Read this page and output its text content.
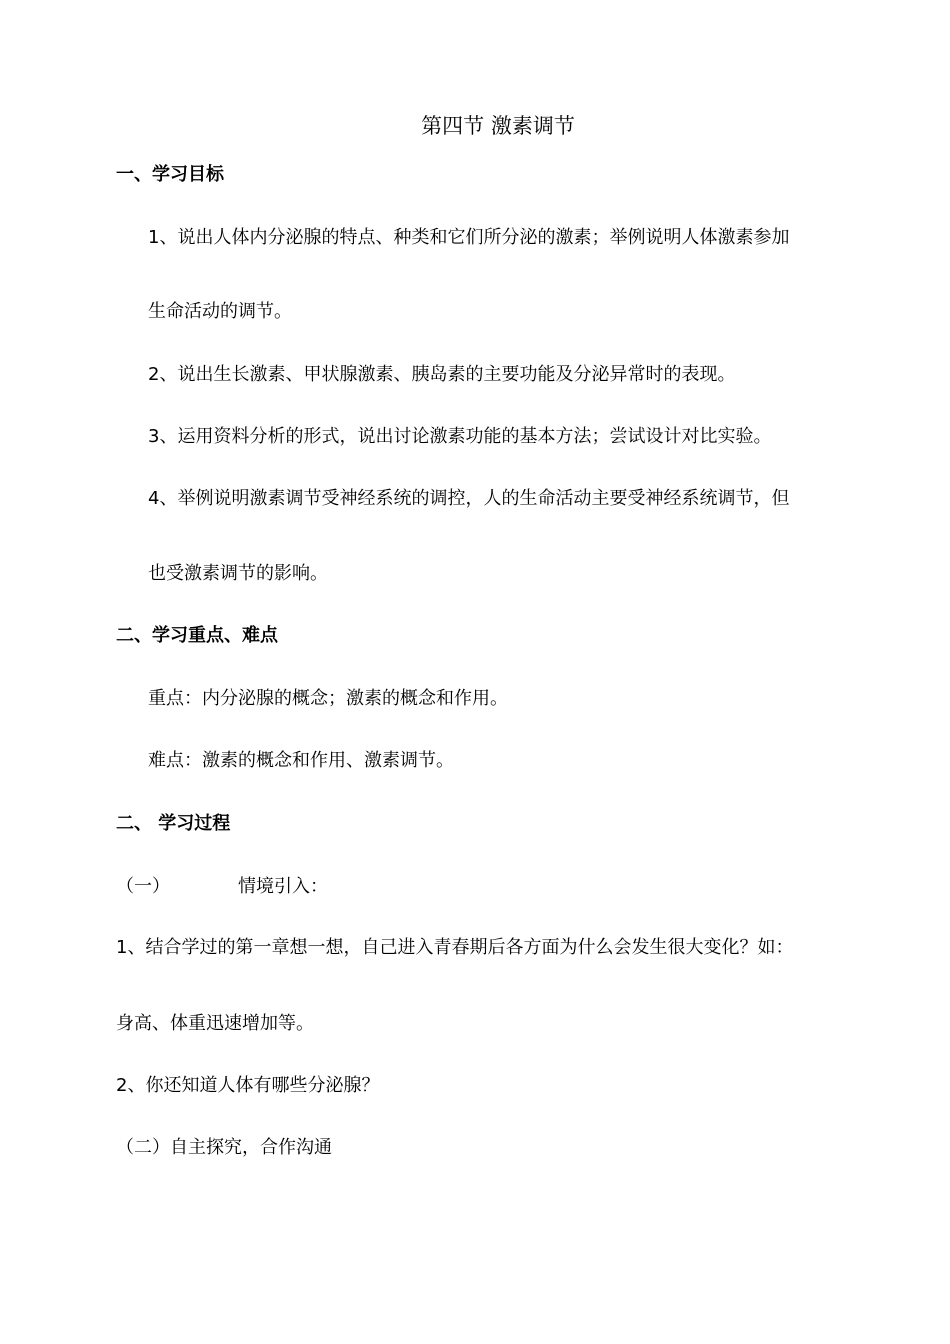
第四节 激素调节
一、学习目标
1、说出人体内分泌腺的特点、种类和它们所分泌的激素；举例说明人体激素参加
生命活动的调节。
2、说出生长激素、甲状腺激素、胰岛素的主要功能及分泌异常时的表现。
3、运用资料分析的形式，说出讨论激素功能的基本方法；尝试设计对比实验。
4、举例说明激素调节受神经系统的调控，人的生命活动主要受神经系统调节，但
也受激素调节的影响。
二、学习重点、难点
重点：内分泌腺的概念；激素的概念和作用。
难点：激素的概念和作用、激素调节。
二、 学习过程
（一）	情境引入：
1、结合学过的第一章想一想，自己进入青春期后各方面为什么会发生很大变化？如：
身高、体重迅速增加等。
2、你还知道人体有哪些分泌腺？
（二）自主探究，合作沟通
